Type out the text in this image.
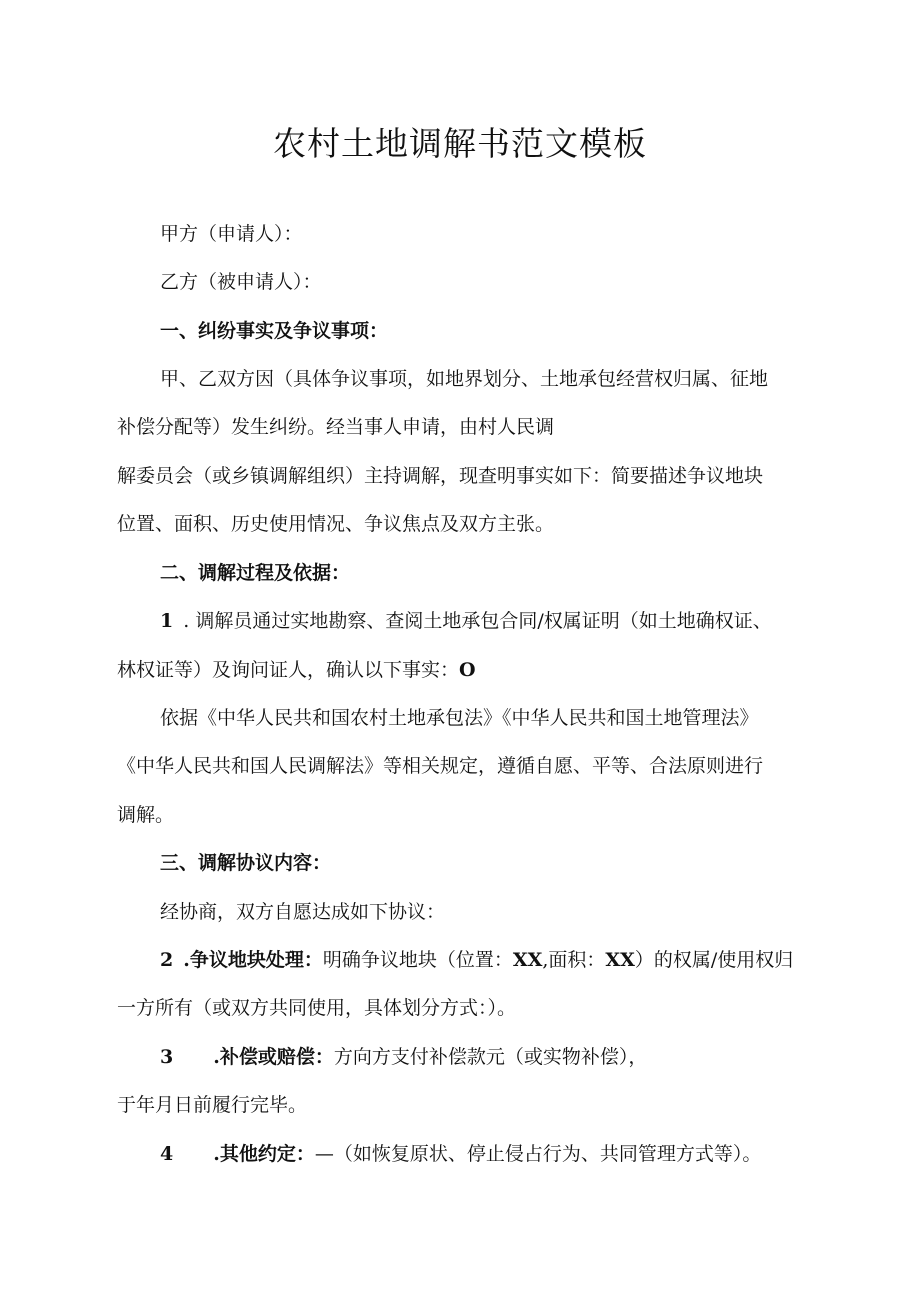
农村土地调解书范文模板

甲方（申请人）：

乙方（被申请人）：

一、纠纷事实及争议事项：

甲、乙双方因（具体争议事项，如地界划分、土地承包经营权归属、征地

补偿分配等）发生纠纷。经当事人申请，由村人民调

解委员会（或乡镇调解组织）主持调解，现查明事实如下：简要描述争议地块

位置、面积、历史使用情况、争议焦点及双方主张。

二、调解过程及依据：

1 . 调解员通过实地勘察、查阅土地承包合同/权属证明（如土地确权证、

林权证等）及询问证人，确认以下事实：O

依据《中华人民共和国农村土地承包法》《中华人民共和国土地管理法》

《中华人民共和国人民调解法》等相关规定，遵循自愿、平等、合法原则进行

调解。

三、调解协议内容：

经协商，双方自愿达成如下协议：

2 .争议地块处理：明确争议地块（位置：XX,面积：XX）的权属/使用权归

一方所有（或双方共同使用，具体划分方式：）。

3 .补偿或赔偿：方向方支付补偿款元（或实物补偿），

于年月日前履行完毕。

4 .其他约定：—（如恢复原状、停止侵占行为、共同管理方式等）。
